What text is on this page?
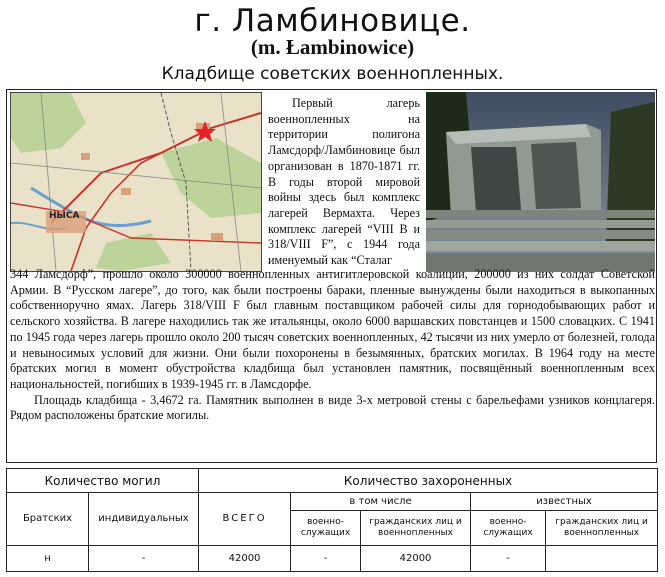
г. Ламбиновице.
(m. Łambinowice)
Кладбище советских военнопленных.
НЫСА
Первый лагерь военнопленных на территории полигона Ламсдорф/Ламбиновице был организован в 1870-1871 гг. В годы второй мировой войны здесь был комплекс лагерей Вермахта. Через комплекс лагерей “VIII B и 318/VIII F”, с 1944 года именуемый как “Сталаг
344 Ламсдорф”, прошло около 300000 военнопленных антигитлеровской коалиции, 200000 из них солдат Советской Армии. В “Русском лагере”, до того, как были построены бараки, пленные вынуждены были находиться в выкопанных собственноручно ямах. Лагерь 318/VIII F был главным поставщиком рабочей силы для горнодобывающих работ и сельского хозяйства. В лагере находились так же итальянцы, около 6000 варшавских повстанцев и 1500 словацких. С 1941 по 1945 года через лагерь прошло около 200 тысяч советских военнопленных, 42 тысячи из них умерло от болезней, голода и невыносимых условий для жизни. Они были похоронены в безымянных, братских могилах. В 1964 году на месте братских могил в момент обустройства кладбища был установлен памятник, посвящённый военнопленным всех национальностей, погибших в 1939-1945 гг. в Ламсдорфе.
Площадь кладбища - 3,4672 га. Памятник выполнен в виде 3-х метровой стены с барельефами узников концлагеря. Рядом расположены братские могилы.
Количество могил		Количество захороненных				
Братских	индивидуальных	ВСЕГО	в том числе		известных	
			военно-служащих	гражданских лиц и военнопленных	военно-служащих	гражданских лиц и военнопленных
н	-	42000	-	42000	-	
